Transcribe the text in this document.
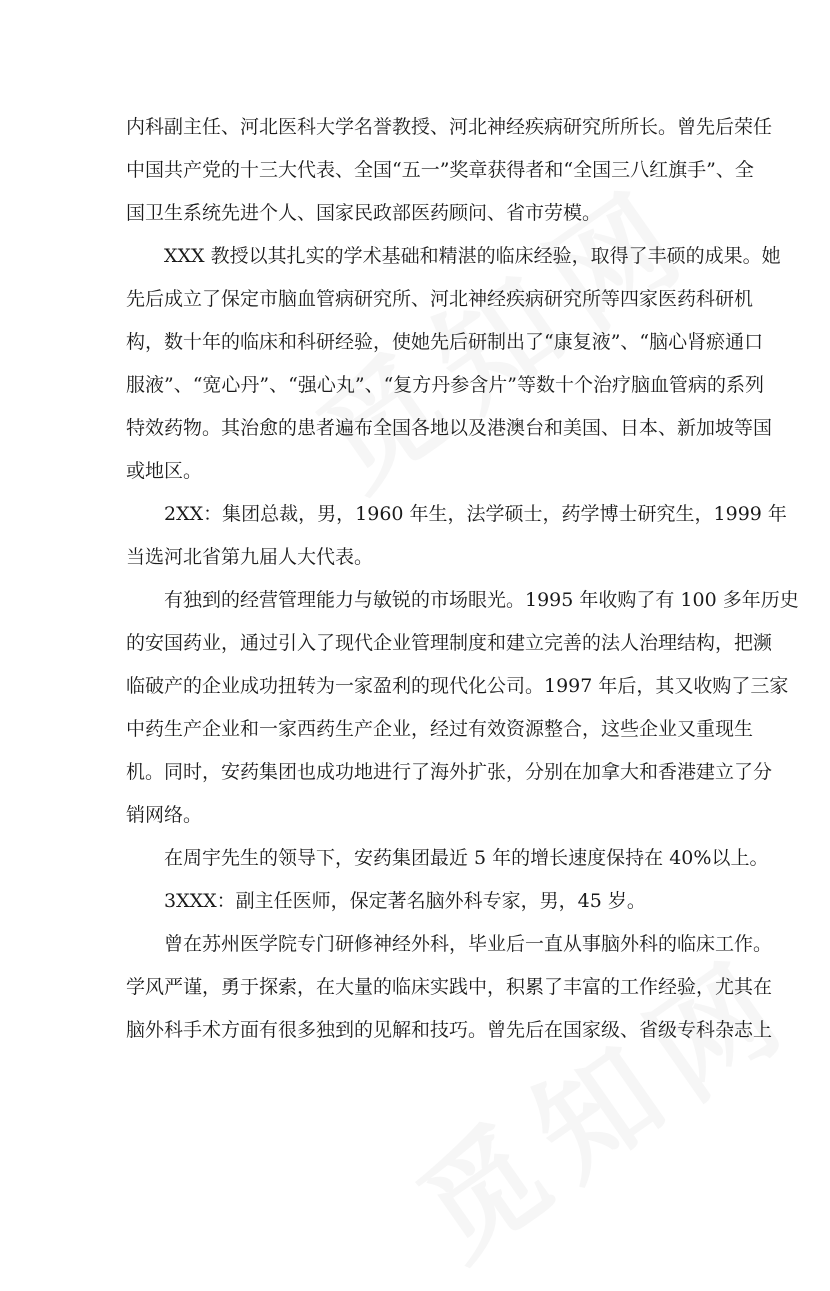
内科副主任、河北医科大学名誉教授、河北神经疾病研究所所长。曾先后荣任
中国共产党的十三大代表、全国“五一”奖章获得者和“全国三八红旗手”、全
国卫生系统先进个人、国家民政部医药顾问、省市劳模。
XXX 教授以其扎实的学术基础和精湛的临床经验，取得了丰硕的成果。她
先后成立了保定市脑血管病研究所、河北神经疾病研究所等四家医药科研机
构，数十年的临床和科研经验，使她先后研制出了“康复液”、“脑心肾瘀通口
服液”、“宽心丹”、“强心丸”、“复方丹参含片”等数十个治疗脑血管病的系列
特效药物。其治愈的患者遍布全国各地以及港澳台和美国、日本、新加坡等国
或地区。
2XX：集团总裁，男，1960 年生，法学硕士，药学博士研究生，1999 年
当选河北省第九届人大代表。
有独到的经营管理能力与敏锐的市场眼光。1995 年收购了有 100 多年历史
的安国药业，通过引入了现代企业管理制度和建立完善的法人治理结构，把濒
临破产的企业成功扭转为一家盈利的现代化公司。1997 年后，其又收购了三家
中药生产企业和一家西药生产企业，经过有效资源整合，这些企业又重现生
机。同时，安药集团也成功地进行了海外扩张，分别在加拿大和香港建立了分
销网络。
在周宇先生的领导下，安药集团最近 5 年的增长速度保持在 40%以上。
3XXX：副主任医师，保定著名脑外科专家，男，45 岁。
曾在苏州医学院专门研修神经外科，毕业后一直从事脑外科的临床工作。
学风严谨，勇于探索，在大量的临床实践中，积累了丰富的工作经验，尤其在
脑外科手术方面有很多独到的见解和技巧。曾先后在国家级、省级专科杂志上
